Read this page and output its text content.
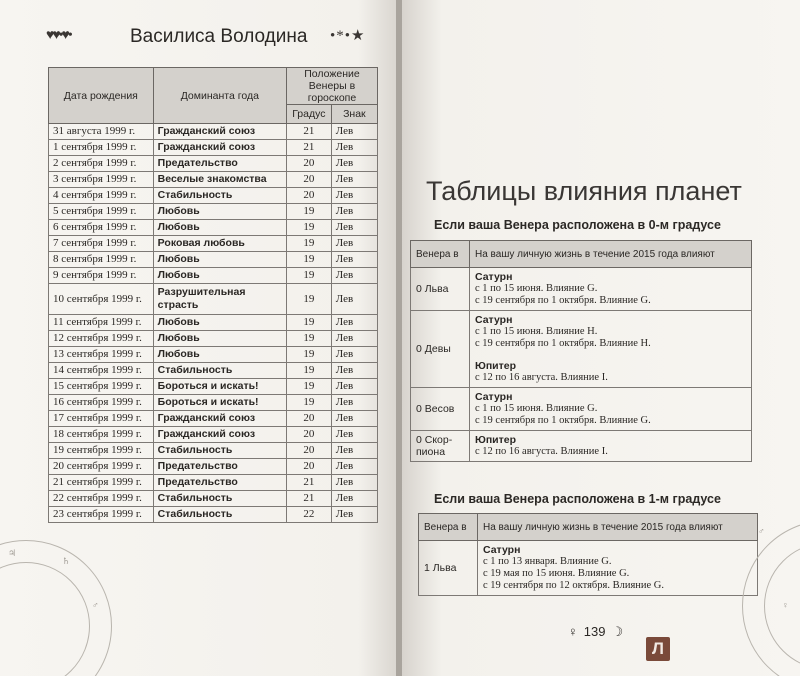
♥♥•♥•	Василиса Володина •*•★
Дата рождения	Доминанта года	Положение Венеры в гороскопе	
		Градус	Знак
31 августа 1999 г.	Гражданский союз	21	Лев
1 сентября 1999 г.	Гражданский союз	21	Лев
2 сентября 1999 г.	Предательство	20	Лев
3 сентября 1999 г.	Веселые знакомства	20	Лев
4 сентября 1999 г.	Стабильность	20	Лев
5 сентября 1999 г.	Любовь	19	Лев
6 сентября 1999 г.	Любовь	19	Лев
7 сентября 1999 г.	Роковая любовь	19	Лев
8 сентября 1999 г.	Любовь	19	Лев
9 сентября 1999 г.	Любовь	19	Лев
10 сентября 1999 г.	Разрушительная страсть	19	Лев
11 сентября 1999 г.	Любовь	19	Лев
12 сентября 1999 г.	Любовь	19	Лев
13 сентября 1999 г.	Любовь	19	Лев
14 сентября 1999 г.	Стабильность	19	Лев
15 сентября 1999 г.	Бороться и искать!	19	Лев
16 сентября 1999 г.	Бороться и искать!	19	Лев
17 сентября 1999 г.	Гражданский союз	20	Лев
18 сентября 1999 г.	Гражданский союз	20	Лев
19 сентября 1999 г.	Стабильность	20	Лев
20 сентября 1999 г.	Предательство	20	Лев
21 сентября 1999 г.	Предательство	21	Лев
22 сентября 1999 г.	Стабильность	21	Лев
23 сентября 1999 г.	Стабильность	22	Лев
♃
♄
♂
Таблицы влияния планет
Если ваша Венера расположена в 0-м градусе
Венера в	На вашу личную жизнь в течение 2015 года влияют
0 Льва	Сатурн
с 1 по 15 июня. Влияние G.
с 19 сентября по 1 октября. Влияние G.

0 Девы	Сатурн
с 1 по 15 июня. Влияние Н.
с 19 сентября по 1 октября. Влияние Н.
Юпитер
с 12 по 16 августа. Влияние I.

0 Весов	Сатурн
с 1 по 15 июня. Влияние G.
с 19 сентября по 1 октября. Влияние G.

0 Скор-пиона	Юпитер
с 12 по 16 августа. Влияние I.
Если ваша Венера расположена в 1-м градусе
Венера в	На вашу личную жизнь в течение 2015 года влияют
1 Льва	Сатурн
с 1 по 13 января. Влияние G.
с 19 мая по 15 июня. Влияние G.
с 19 сентября по 12 октября. Влияние G.
♀ 139 ☽
Л
♂
♀
